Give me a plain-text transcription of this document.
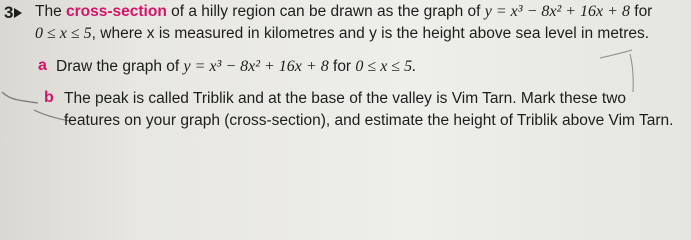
3 The cross-section of a hilly region can be drawn as the graph of y = x³ − 8x² + 16x + 8 for
0 ≤ x ≤ 5, where x is measured in kilometres and y is the height above sea level in metres.
a Draw the graph of y = x³ − 8x² + 16x + 8 for 0 ≤ x ≤ 5.
b The peak is called Triblik and at the base of the valley is Vim Tarn. Mark these two
features on your graph (cross-section), and estimate the height of Triblik above Vim Tarn.
